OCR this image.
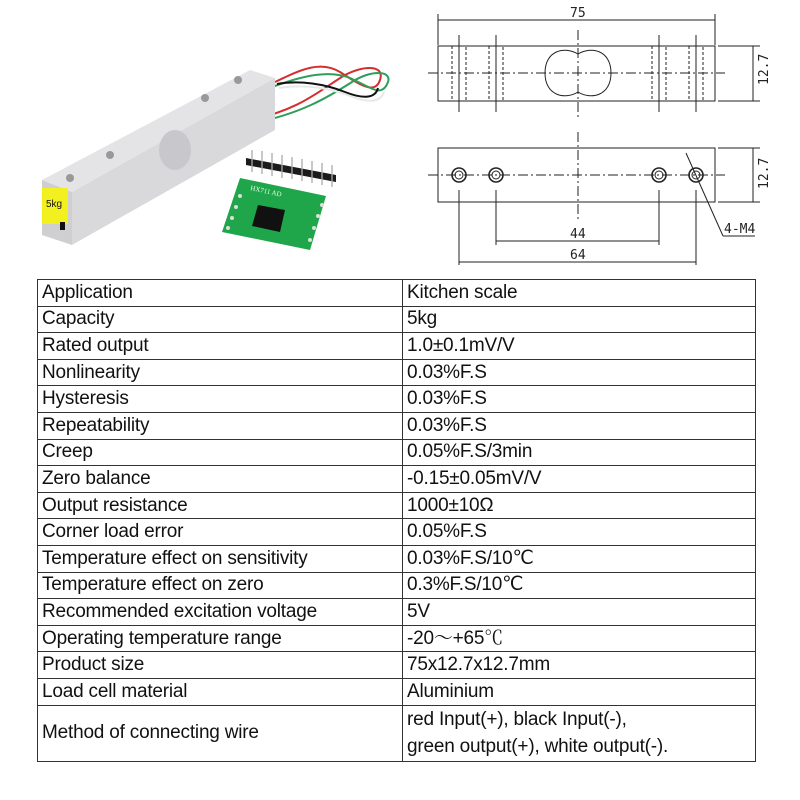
5kg
HX711 AD
75
12.7
12.7
44
64
4-M4
Application	Kitchen scale
Capacity	5kg
Rated output	1.0±0.1mV/V
Nonlinearity	0.03%F.S
Hysteresis	0.03%F.S
Repeatability	0.03%F.S
Creep	0.05%F.S/3min
Zero balance	-0.15±0.05mV/V
Output resistance	1000±10Ω
Corner load error	0.05%F.S
Temperature effect on sensitivity	0.03%F.S/10℃
Temperature effect on zero	0.3%F.S/10℃
Recommended excitation voltage	5V
Operating temperature range	-20～+65℃
Product size	75x12.7x12.7mm
Load cell material	Aluminium
Method of connecting wire	red Input(+), black Input(-),
green output(+), white output(-).
